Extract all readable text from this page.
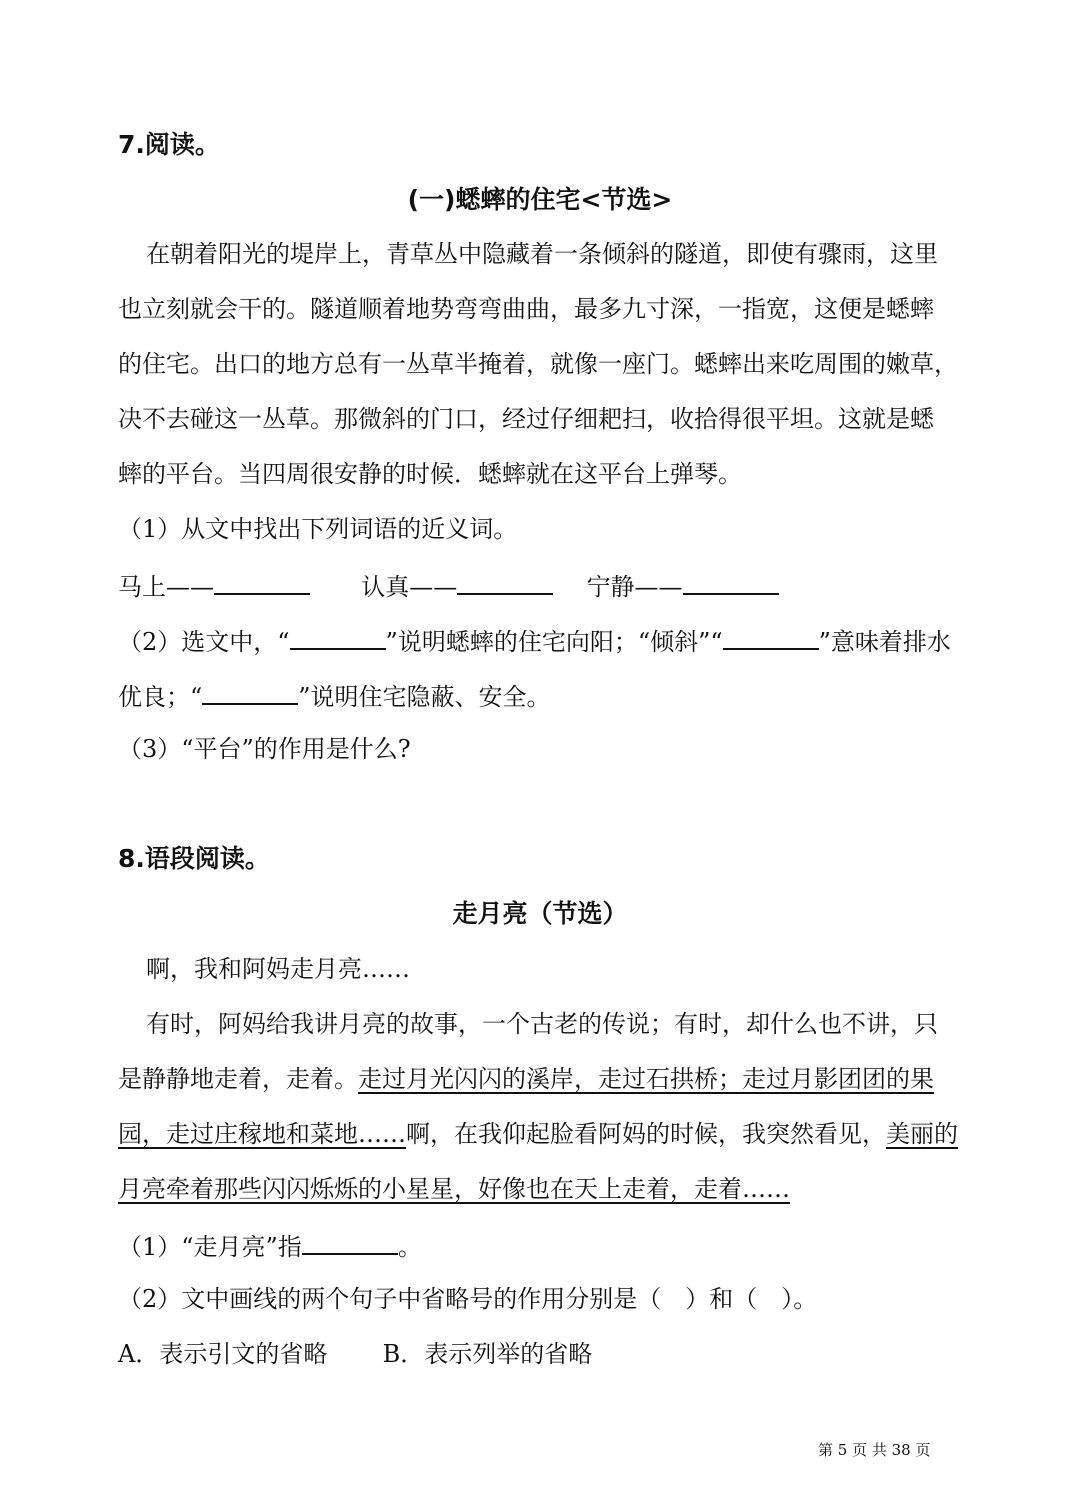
7.阅读。
(一)蟋蟀的住宅<节选>
在朝着阳光的堤岸上，青草丛中隐藏着一条倾斜的隧道，即使有骤雨，这里
也立刻就会干的。隧道顺着地势弯弯曲曲，最多九寸深，一指宽，这便是蟋蟀
的住宅。出口的地方总有一丛草半掩着，就像一座门。蟋蟀出来吃周围的嫩草，
决不去碰这一丛草。那微斜的门口，经过仔细耙扫，收拾得很平坦。这就是蟋
蟀的平台。当四周很安静的时候．蟋蟀就在这平台上弹琴。
（1）从文中找出下列词语的近义词。
马上——	认真——	宁静——
（2）选文中，“	”说明蟋蟀的住宅向阳；“倾斜”“	”意味着排水
优良；“	”说明住宅隐蔽、安全。
（3）“平台”的作用是什么?
8.语段阅读。
走月亮（节选）
啊，我和阿妈走月亮……
有时，阿妈给我讲月亮的故事，一个古老的传说；有时，却什么也不讲，只
是静静地走着，走着。走过月光闪闪的溪岸，走过石拱桥；走过月影团团的果
园，走过庄稼地和菜地……啊，在我仰起脸看阿妈的时候，我突然看见，美丽的
月亮牵着那些闪闪烁烁的小星星，好像也在天上走着，走着……
（1）“走月亮”指	。
（2）文中画线的两个句子中省略号的作用分别是（　）和（　）。
A．表示引文的省略 B．表示列举的省略
第 5 页 共 38 页
